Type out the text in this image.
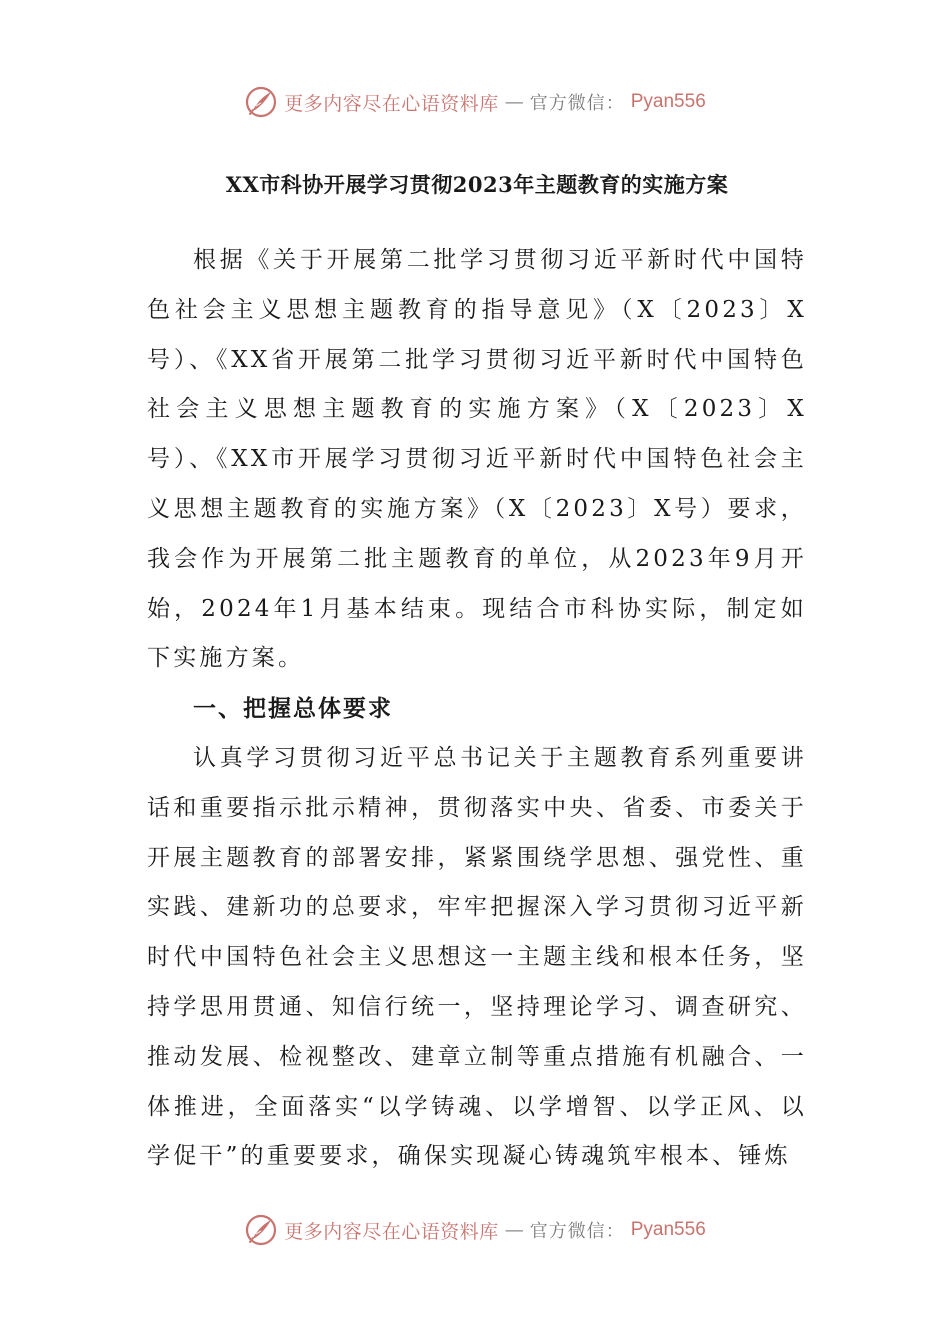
更多内容尽在心语资料库 — 官方微信： Pyan556
XX市科协开展学习贯彻2023年主题教育的实施方案

根据《关于开展第二批学习贯彻习近平新时代中国特色社会主义思想主题教育的指导意见》（X〔2023〕X号）、《XX省开展第二批学习贯彻习近平新时代中国特色社会主义思想主题教育的实施方案》（X〔2023〕X号）、《XX市开展学习贯彻习近平新时代中国特色社会主义思想主题教育的实施方案》（X〔2023〕X号）要求，我会作为开展第二批主题教育的单位，从2023年9月开始，2024年1月基本结束。现结合市科协实际，制定如下实施方案。

一、把握总体要求

认真学习贯彻习近平总书记关于主题教育系列重要讲话和重要指示批示精神，贯彻落实中央、省委、市委关于开展主题教育的部署安排，紧紧围绕学思想、强党性、重实践、建新功的总要求，牢牢把握深入学习贯彻习近平新时代中国特色社会主义思想这一主题主线和根本任务，坚持学思用贯通、知信行统一，坚持理论学习、调查研究、推动发展、检视整改、建章立制等重点措施有机融合、一体推进，全面落实“以学铸魂、以学增智、以学正风、以学促干”的重要要求，确保实现凝心铸魂筑牢根本、锤炼

更多内容尽在心语资料库 — 官方微信： Pyan556
